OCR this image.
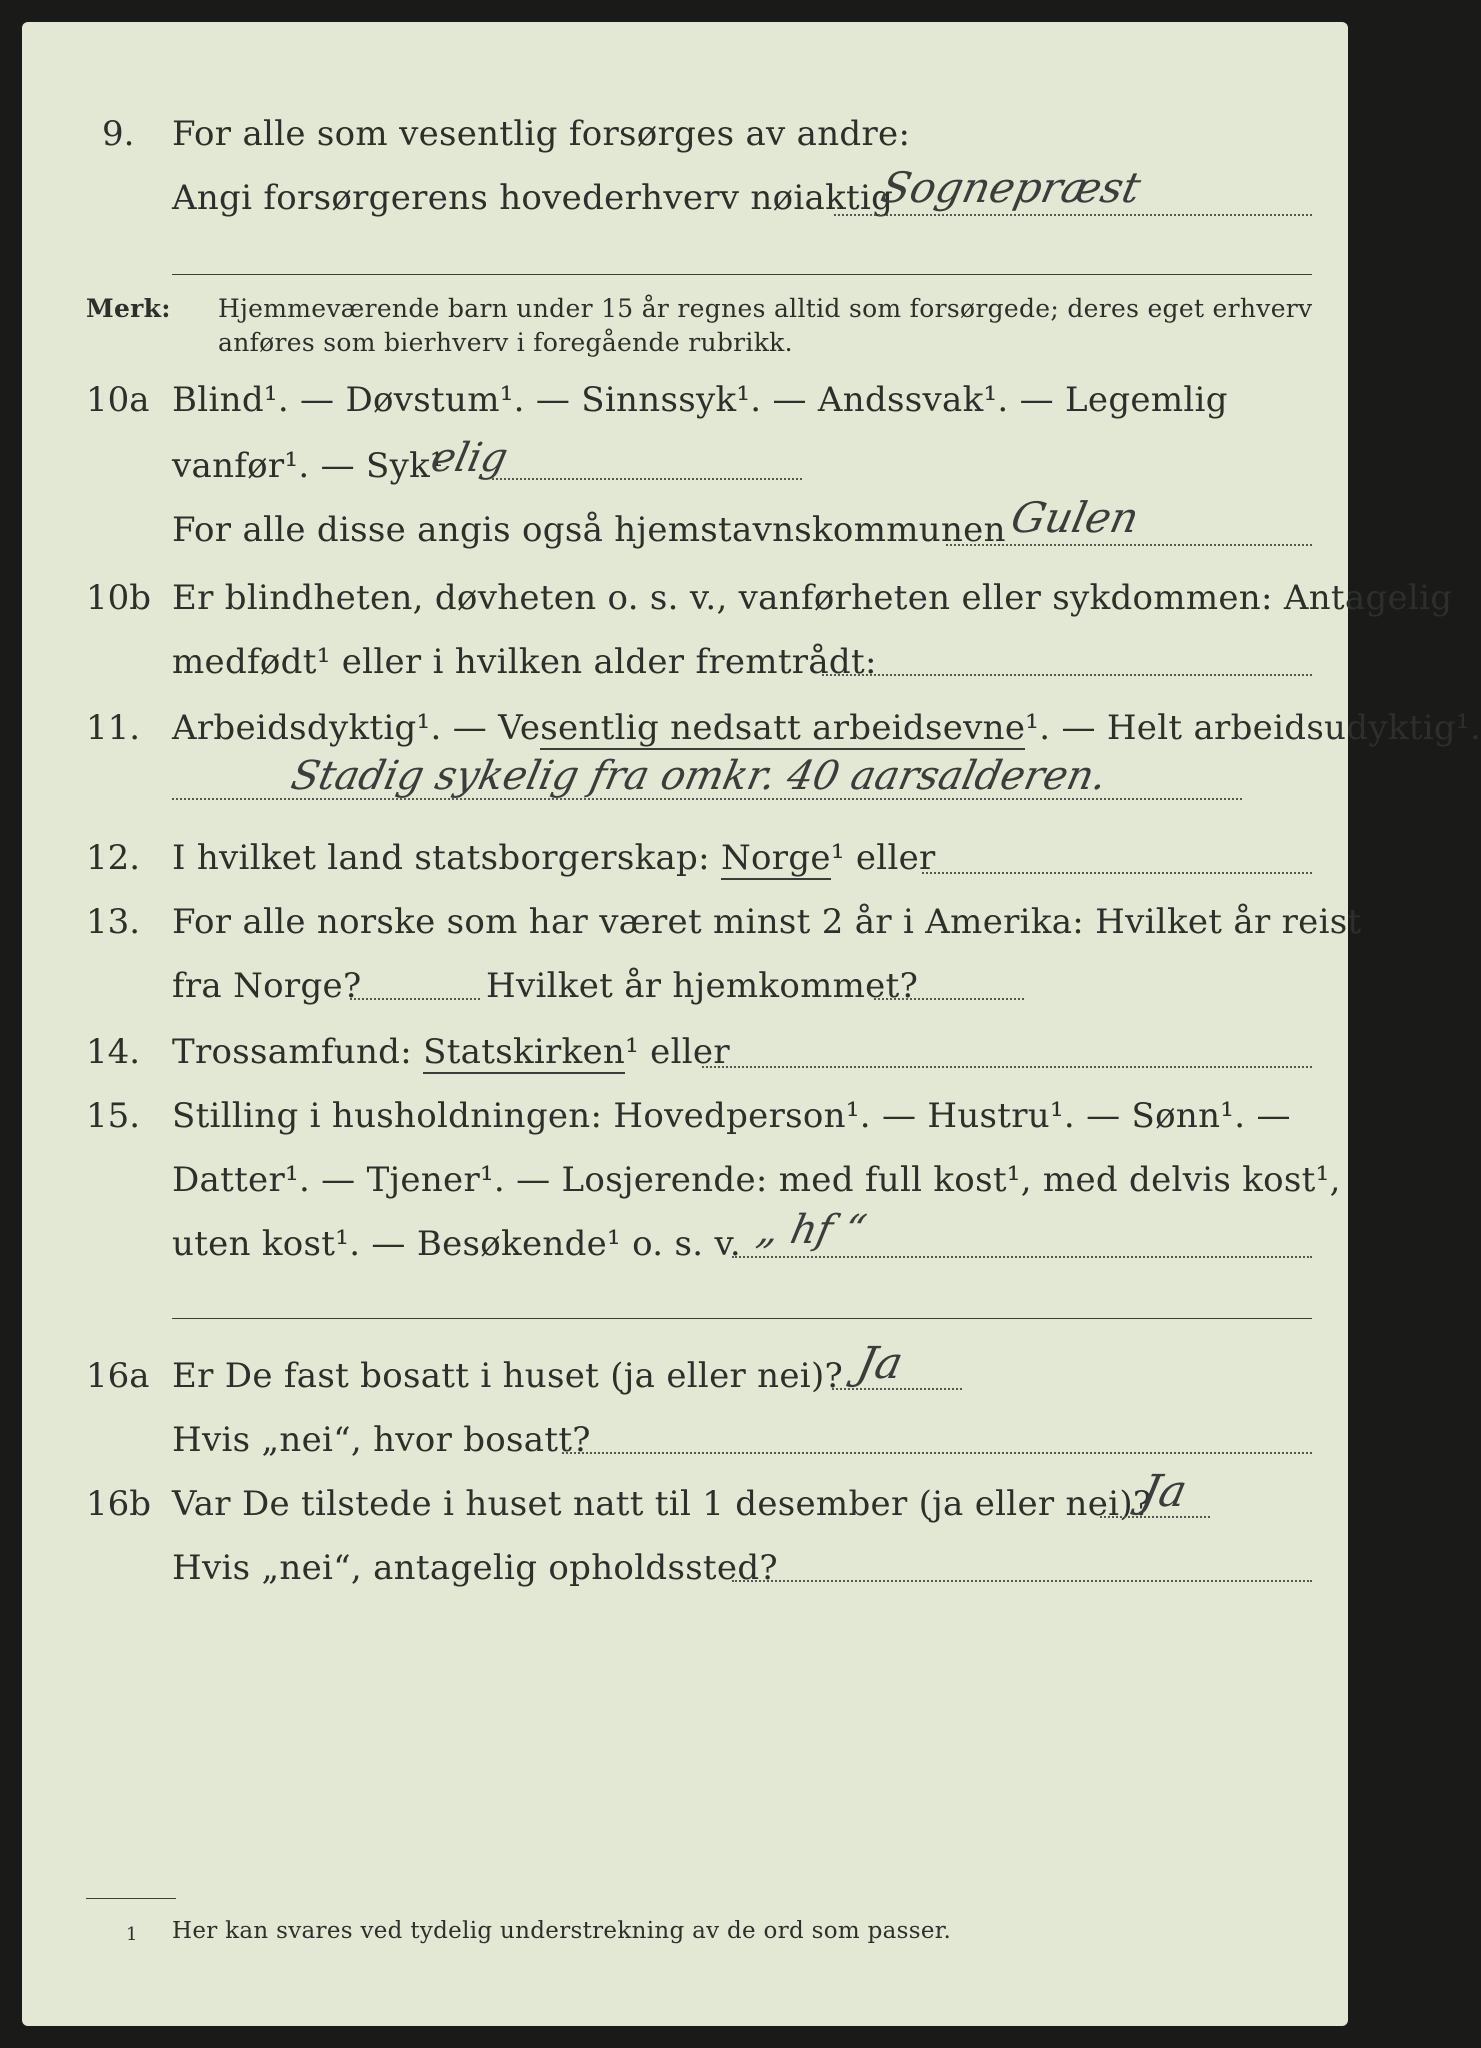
9. For alle som vesentlig forsørges av andre:
Angi forsørgerens hovederhverv nøiaktig
Sognepræst
Merk: Hjemmeværende barn under 15 år regnes alltid som forsørgede; deres eget erhverv
anføres som bierhverv i foregående rubrikk.
10a Blind¹. — Døvstum¹. — Sinnssyk¹. — Andssvak¹. — Legemlig
vanfør¹. — Syk¹
elig
For alle disse angis også hjemstavnskommunen Gulen
10b Er blindheten, døvheten o. s. v., vanførheten eller sykdommen: Antagelig
medfødt¹ eller i hvilken alder fremtrådt:
11. Arbeidsdyktig¹. — Vesentlig nedsatt arbeidsevne¹. — Helt arbeidsudyktig¹.
Stadig sykelig fra omkr. 40 aarsalderen.
12. I hvilket land statsborgerskap: Norge¹ eller
13. For alle norske som har været minst 2 år i Amerika: Hvilket år reist
fra Norge?	Hvilket år hjemkommet?
14. Trossamfund: Statskirken¹ eller
15. Stilling i husholdningen: Hovedperson¹. — Hustru¹. — Sønn¹. —
Datter¹. — Tjener¹. — Losjerende: med full kost¹, med delvis kost¹,
uten kost¹. — Besøkende¹ o. s. v. „ hf “
16a Er De fast bosatt i huset (ja eller nei)? Ja
Hvis „nei“, hvor bosatt?
16b Var De tilstede i huset natt til 1 desember (ja eller nei)?
Ja
Hvis „nei“, antagelig opholdssted?
1 Her kan svares ved tydelig understrekning av de ord som passer.
